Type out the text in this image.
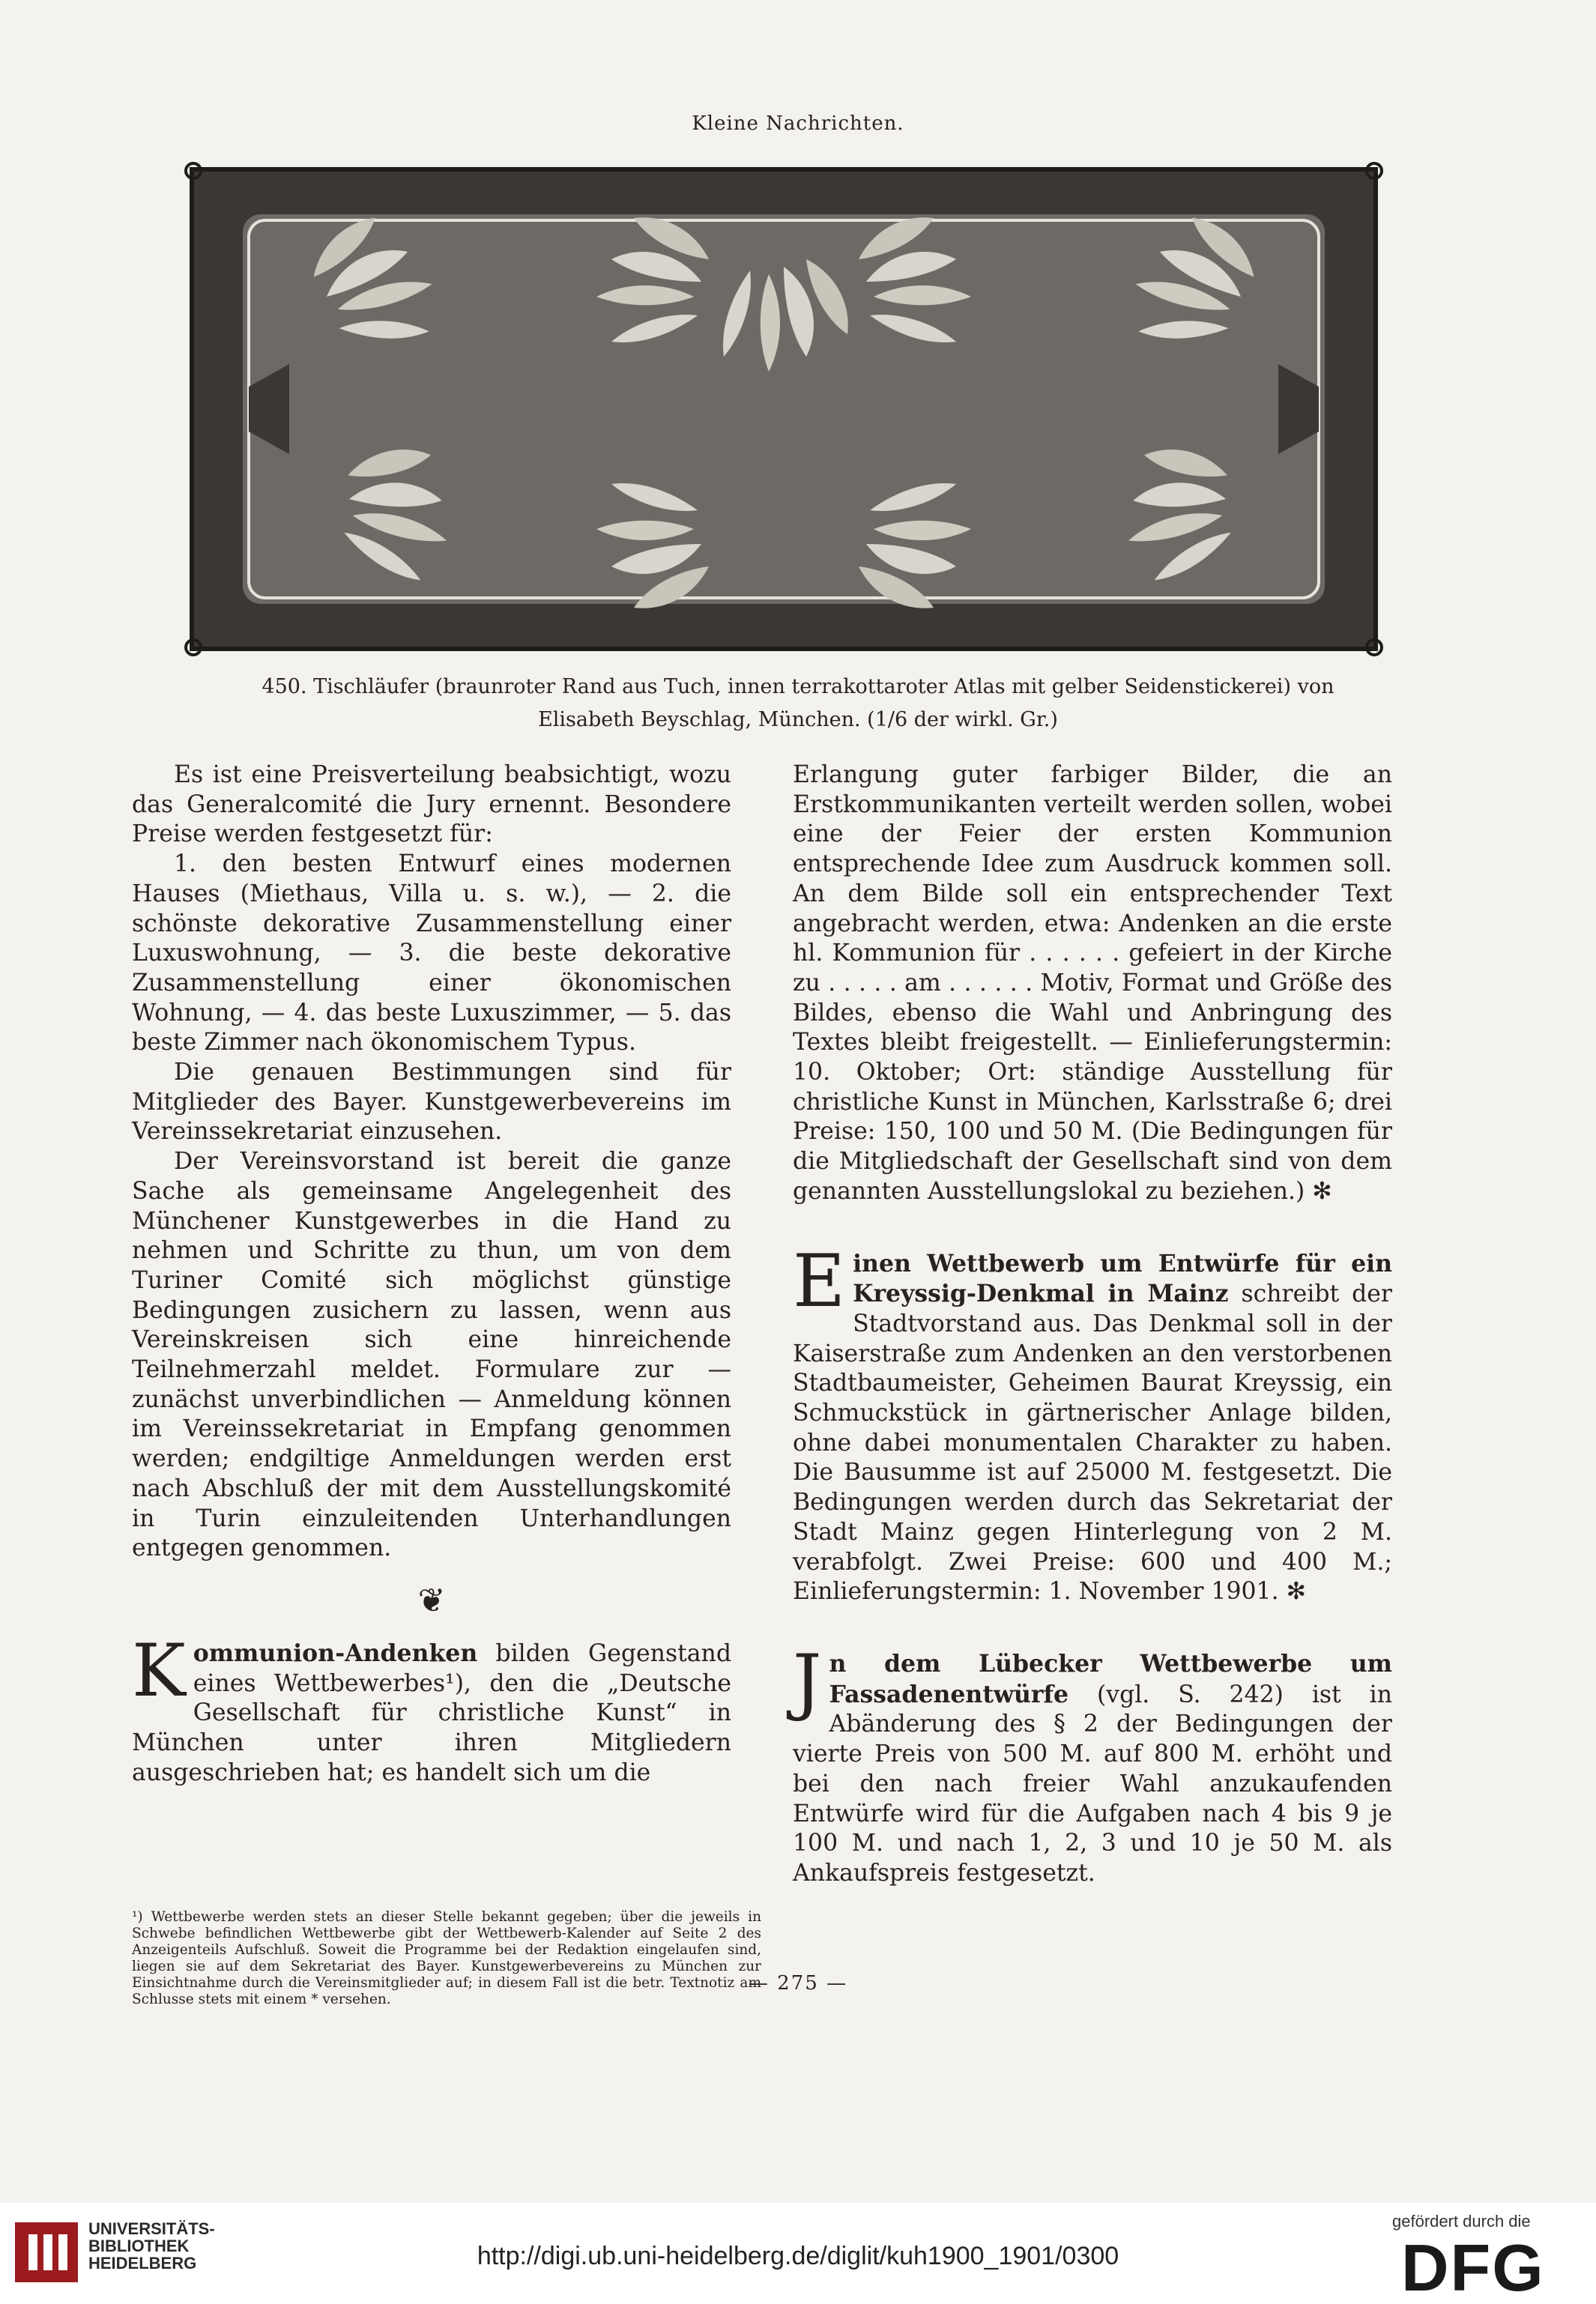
Kleine Nachrichten.
450. Tischläufer (braunroter Rand aus Tuch, innen terrakottaroter Atlas mit gelber Seidenstickerei) von
Elisabeth Beyschlag, München. (1/6 der wirkl. Gr.)

Es ist eine Preisverteilung beabsichtigt, wozu das Generalcomité die Jury ernennt. Besondere Preise werden festgesetzt für:

1. den besten Entwurf eines modernen Hauses (Miethaus, Villa u. s. w.), — 2. die schönste dekorative Zusammenstellung einer Luxuswohnung, — 3. die beste dekorative Zusammenstellung einer ökonomischen Wohnung, — 4. das beste Luxuszimmer, — 5. das beste Zimmer nach ökonomischem Typus.

Die genauen Bestimmungen sind für Mitglieder des Bayer. Kunstgewerbevereins im Vereinssekretariat einzusehen.

Der Vereinsvorstand ist bereit die ganze Sache als gemeinsame Angelegenheit des Münchener Kunstgewerbes in die Hand zu nehmen und Schritte zu thun, um von dem Turiner Comité sich möglichst günstige Bedingungen zusichern zu lassen, wenn aus Vereinskreisen sich eine hinreichende Teilnehmerzahl meldet. Formulare zur — zunächst unverbindlichen — Anmeldung können im Vereinssekretariat in Empfang genommen werden; endgiltige Anmeldungen werden erst nach Abschluß der mit dem Ausstellungskomité in Turin einzuleitenden Unterhandlungen entgegen genommen.

❦

Kommunion-Andenken bilden Gegenstand eines Wettbewerbes¹), den die „Deutsche Gesellschaft für christliche Kunst“ in München unter ihren Mitgliedern ausgeschrieben hat; es handelt sich um die

¹) Wettbewerbe werden stets an dieser Stelle bekannt gegeben; über die jeweils in Schwebe befindlichen Wettbewerbe gibt der Wettbewerb-Kalender auf Seite 2 des Anzeigenteils Aufschluß. Soweit die Programme bei der Redaktion eingelaufen sind, liegen sie auf dem Sekretariat des Bayer. Kunstgewerbevereins zu München zur Einsichtnahme durch die Vereinsmitglieder auf; in diesem Fall ist die betr. Textnotiz am Schlusse stets mit einem * versehen.

Erlangung guter farbiger Bilder, die an Erstkommunikanten verteilt werden sollen, wobei eine der Feier der ersten Kommunion entsprechende Idee zum Ausdruck kommen soll. An dem Bilde soll ein entsprechender Text angebracht werden, etwa: Andenken an die erste hl. Kommunion für . . . . . . gefeiert in der Kirche zu . . . . . am . . . . . . Motiv, Format und Größe des Bildes, ebenso die Wahl und Anbringung des Textes bleibt freigestellt. — Einlieferungstermin: 10. Oktober; Ort: ständige Ausstellung für christliche Kunst in München, Karlsstraße 6; drei Preise: 150, 100 und 50 M. (Die Bedingungen für die Mitgliedschaft der Gesellschaft sind von dem genannten Ausstellungslokal zu beziehen.) ✻

Einen Wettbewerb um Entwürfe für ein Kreyssig-Denkmal in Mainz schreibt der Stadtvorstand aus. Das Denkmal soll in der Kaiserstraße zum Andenken an den verstorbenen Stadtbaumeister, Geheimen Baurat Kreyssig, ein Schmuckstück in gärtnerischer Anlage bilden, ohne dabei monumentalen Charakter zu haben. Die Bausumme ist auf 25000 M. festgesetzt. Die Bedingungen werden durch das Sekretariat der Stadt Mainz gegen Hinterlegung von 2 M. verabfolgt. Zwei Preise: 600 und 400 M.; Einlieferungstermin: 1. November 1901. ✻

Jn dem Lübecker Wettbewerbe um Fassadenentwürfe (vgl. S. 242) ist in Abänderung des § 2 der Bedingungen der vierte Preis von 500 M. auf 800 M. erhöht und bei den nach freier Wahl anzukaufenden Entwürfe wird für die Aufgaben nach 4 bis 9 je 100 M. und nach 1, 2, 3 und 10 je 50 M. als Ankaufspreis festgesetzt.

— 275 —
UNIVERSITÄTS-
BIBLIOTHEK
HEIDELBERG	http://digi.ub.uni-heidelberg.de/diglit/kuh1900_1901/0300
gefördert durch die
DFG
